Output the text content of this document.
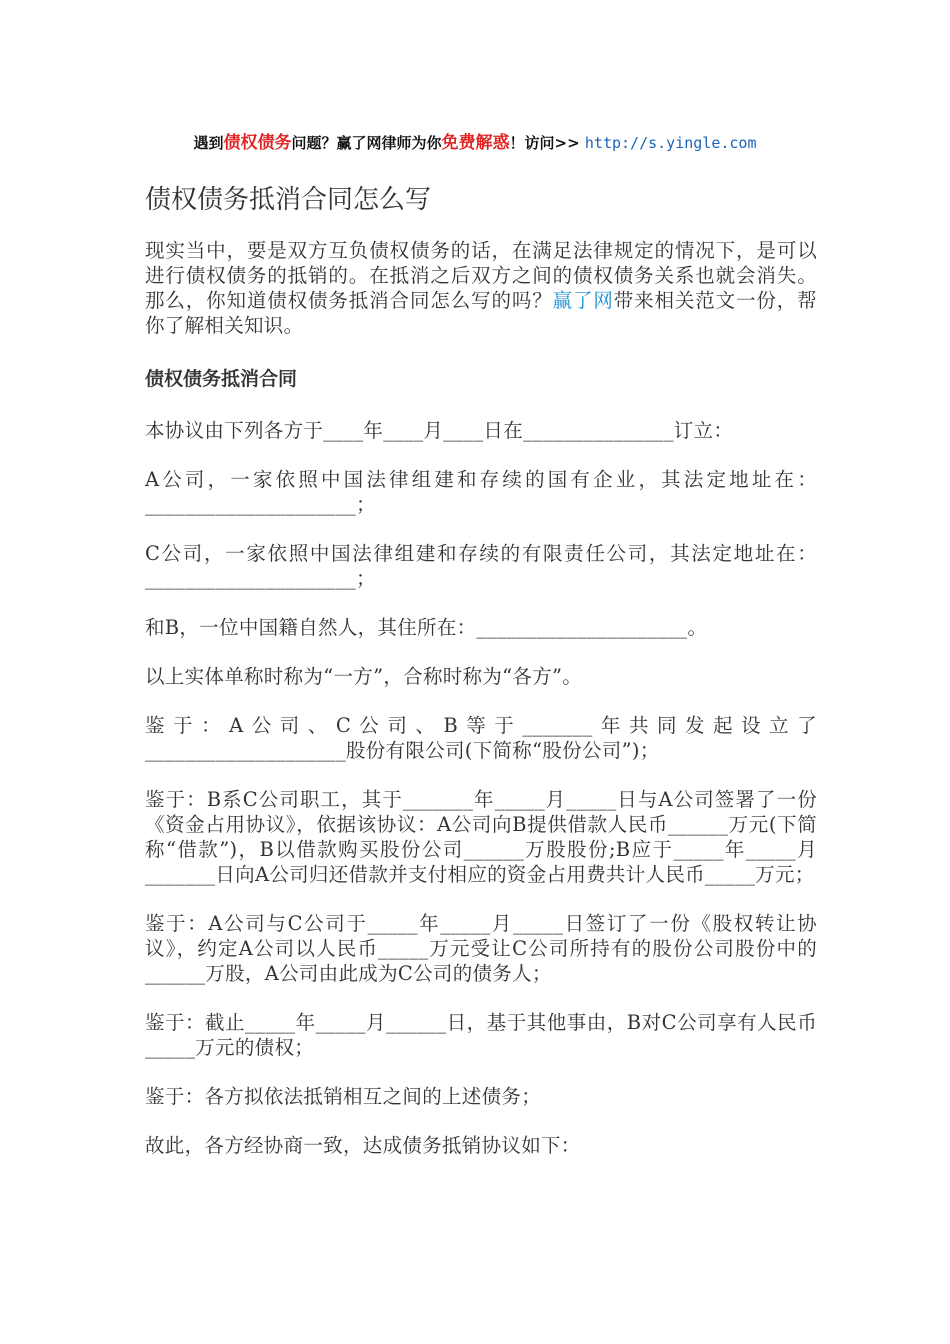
遇到债权债务问题？赢了网律师为你免费解惑！访问>> http://s.yingle.com
债权债务抵消合同怎么写

现实当中，要是双方互负债权债务的话，在满足法律规定的情况下，是可以进行债权债务的抵销的。在抵消之后双方之间的债权债务关系也就会消失。那么，你知道债权债务抵消合同怎么写的吗？赢了网带来相关范文一份，帮你了解相关知识。

债权债务抵消合同

本协议由下列各方于____年____月____日在_______________订立：

A公司，一家依照中国法律组建和存续的国有企业，其法定地址在：_____________________；

C公司，一家依照中国法律组建和存续的有限责任公司，其法定地址在：_____________________；

和B，一位中国籍自然人，其住所在：_____________________。

以上实体单称时称为“一方”，合称时称为“各方”。

鉴于：A公司、C公司、B等于_______年共同发起设立了____________________股份有限公司(下简称“股份公司”)；

鉴于：B系C公司职工，其于_______年_____月_____日与A公司签署了一份《资金占用协议》，依据该协议：A公司向B提供借款人民币______万元(下简称“借款”)，B以借款购买股份公司______万股股份;B应于_____年_____月_______日向A公司归还借款并支付相应的资金占用费共计人民币_____万元；

鉴于：A公司与C公司于_____年_____月_____日签订了一份《股权转让协议》，约定A公司以人民币_____万元受让C公司所持有的股份公司股份中的______万股，A公司由此成为C公司的债务人；

鉴于：截止_____年_____月______日，基于其他事由，B对C公司享有人民币_____万元的债权；

鉴于：各方拟依法抵销相互之间的上述债务；

故此，各方经协商一致，达成债务抵销协议如下：
